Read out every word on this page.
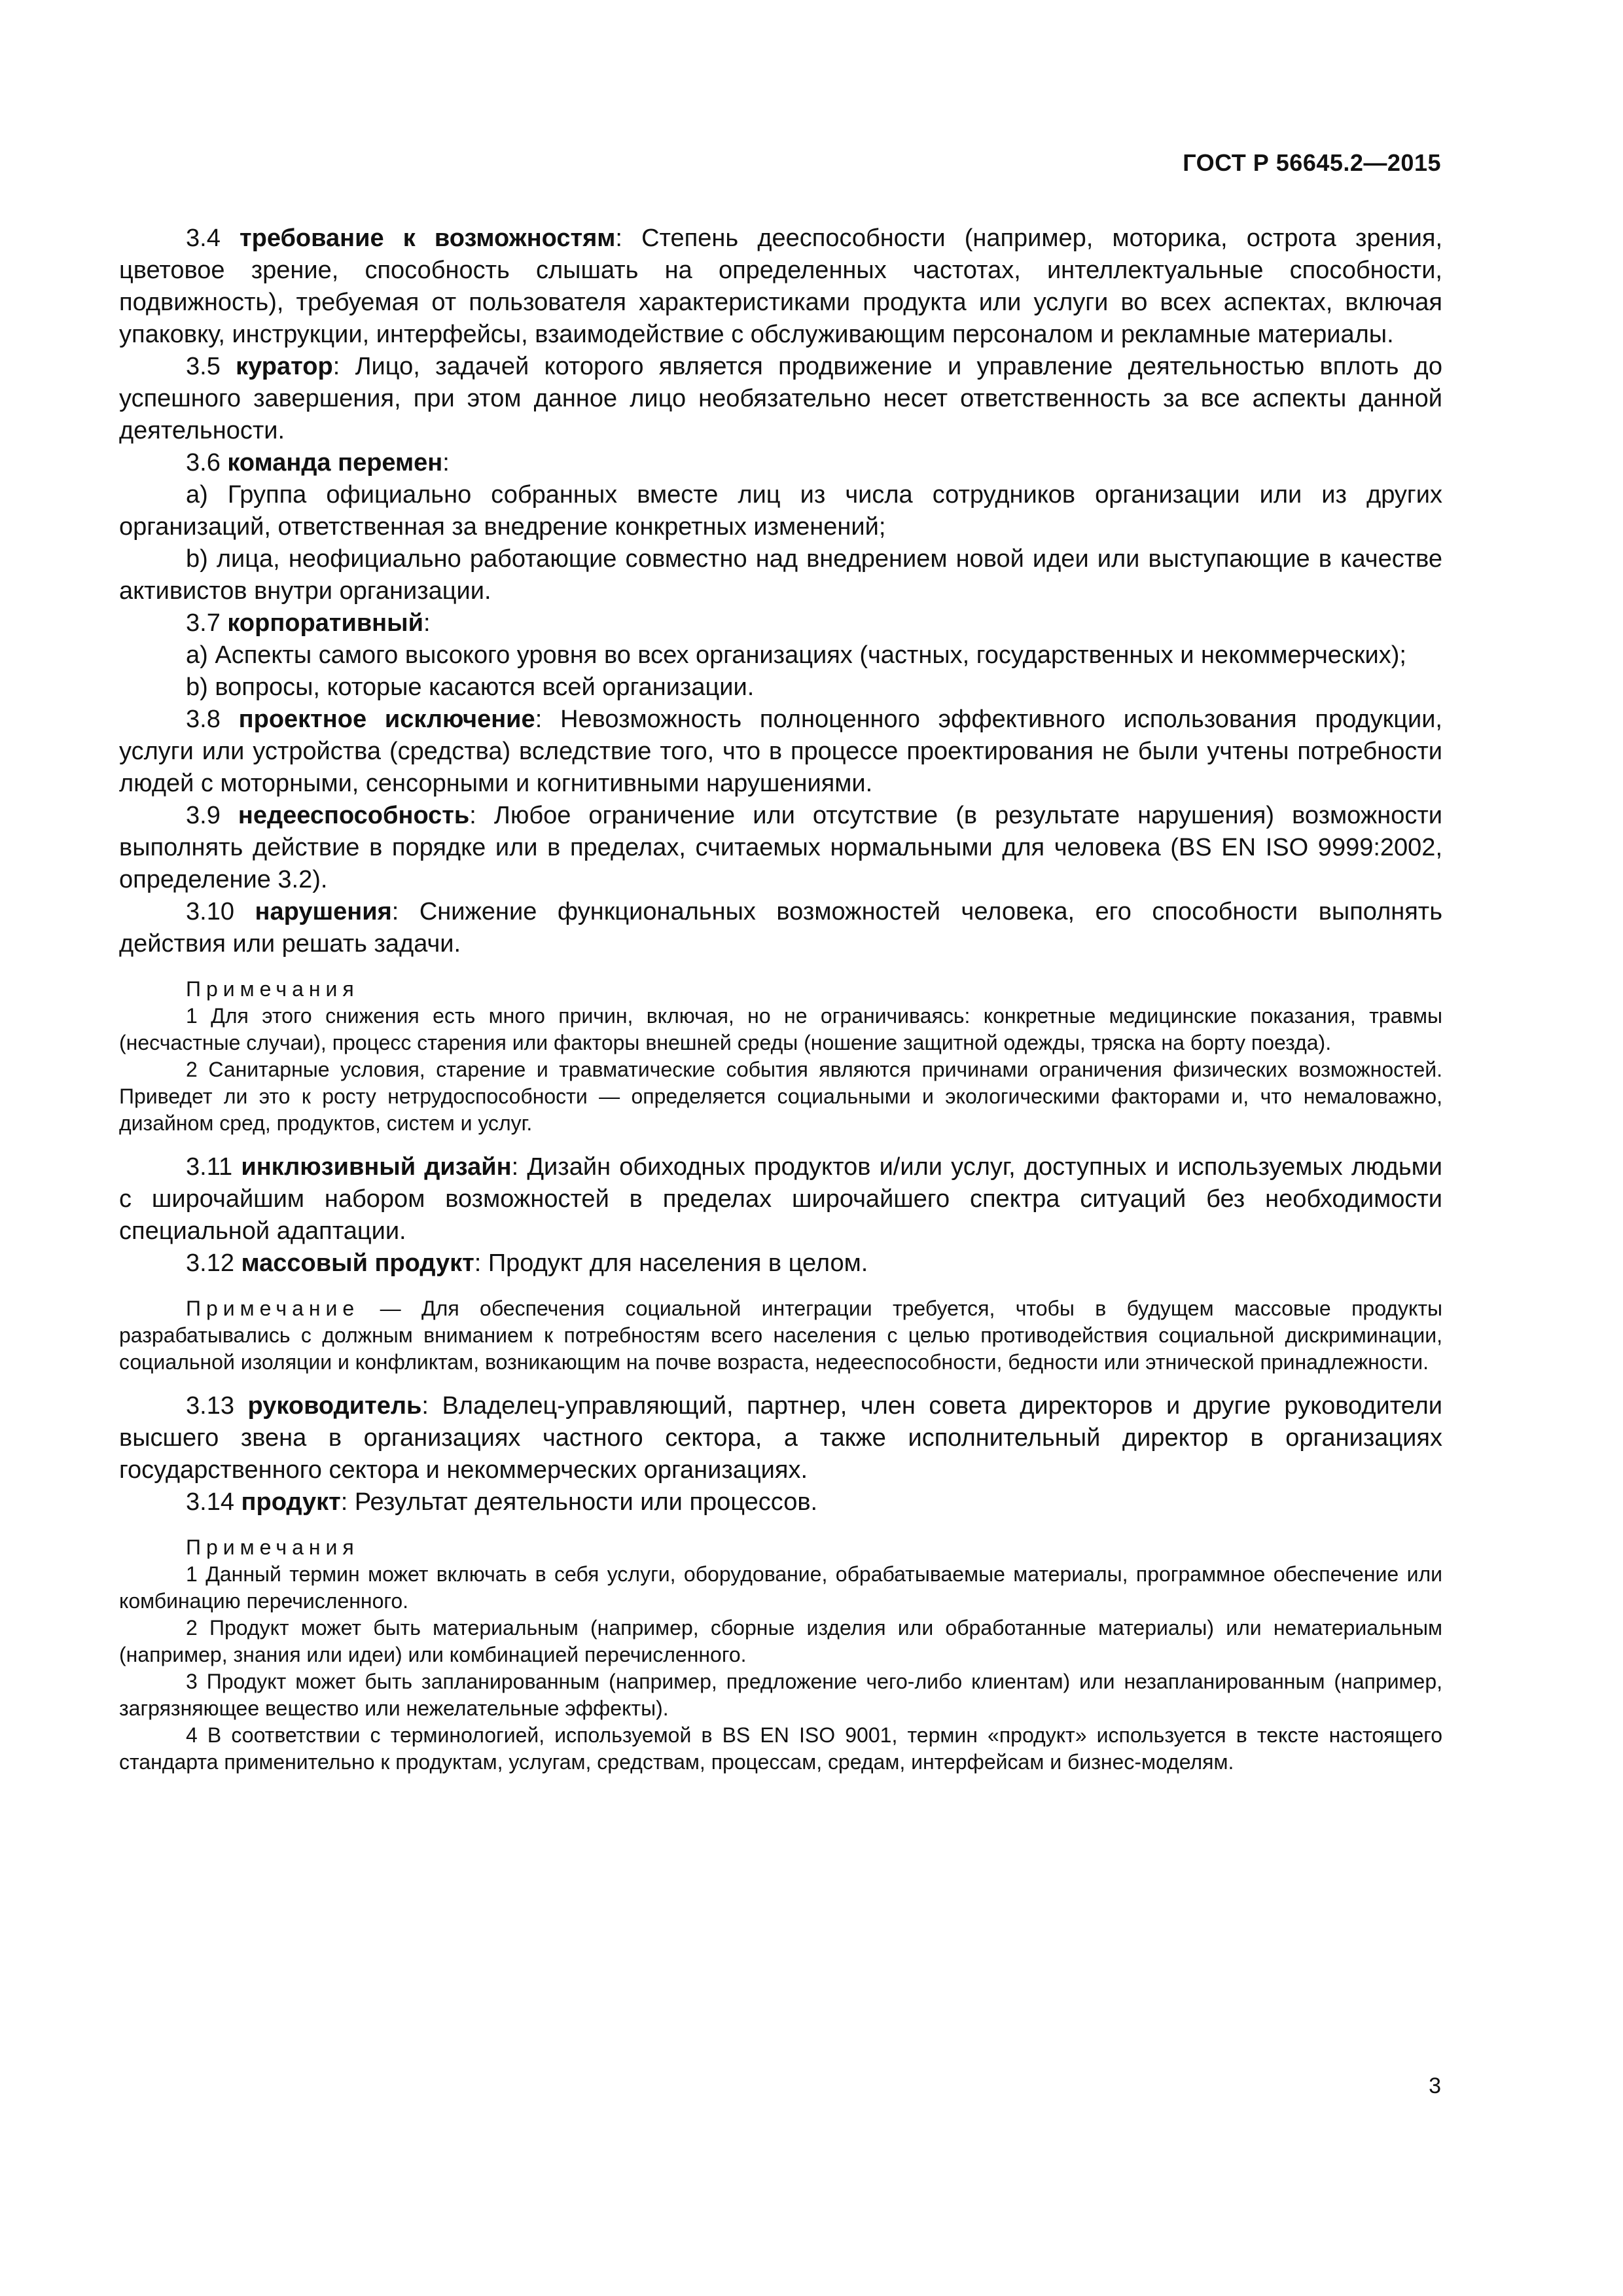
ГОСТ Р 56645.2—2015

3.4 требование к возможностям: Степень дееспособности (например, моторика, острота зрения, цветовое зрение, способность слышать на определенных частотах, интеллектуальные способности, подвижность), требуемая от пользователя характеристиками продукта или услуги во всех аспектах, включая упаковку, инструкции, интерфейсы, взаимодействие с обслуживающим персоналом и рекламные материалы.

3.5 куратор: Лицо, задачей которого является продвижение и управление деятельностью вплоть до успешного завершения, при этом данное лицо необязательно несет ответственность за все аспекты данной деятельности.

3.6 команда перемен:

а) Группа официально собранных вместе лиц из числа сотрудников организации или из других организаций, ответственная за внедрение конкретных изменений;

b) лица, неофициально работающие совместно над внедрением новой идеи или выступающие в качестве активистов внутри организации.

3.7 корпоративный:

а) Аспекты самого высокого уровня во всех организациях (частных, государственных и некоммерческих);

b) вопросы, которые касаются всей организации.

3.8 проектное исключение: Невозможность полноценного эффективного использования продукции, услуги или устройства (средства) вследствие того, что в процессе проектирования не были учтены потребности людей с моторными, сенсорными и когнитивными нарушениями.

3.9 недееспособность: Любое ограничение или отсутствие (в результате нарушения) возможности выполнять действие в порядке или в пределах, считаемых нормальными для человека (BS EN ISO 9999:2002, определение 3.2).

3.10 нарушения: Снижение функциональных возможностей человека, его способности выполнять действия или решать задачи.

Примечания

1 Для этого снижения есть много причин, включая, но не ограничиваясь: конкретные медицинские показания, травмы (несчастные случаи), процесс старения или факторы внешней среды (ношение защитной одежды, тряска на борту поезда).

2 Санитарные условия, старение и травматические события являются причинами ограничения физических возможностей. Приведет ли это к росту нетрудоспособности — определяется социальными и экологическими факторами и, что немаловажно, дизайном сред, продуктов, систем и услуг.

3.11 инклюзивный дизайн: Дизайн обиходных продуктов и/или услуг, доступных и используемых людьми с широчайшим набором возможностей в пределах широчайшего спектра ситуаций без необходимости специальной адаптации.

3.12 массовый продукт: Продукт для населения в целом.

Примечание — Для обеспечения социальной интеграции требуется, чтобы в будущем массовые продукты разрабатывались с должным вниманием к потребностям всего населения с целью противодействия социальной дискриминации, социальной изоляции и конфликтам, возникающим на почве возраста, недееспособности, бедности или этнической принадлежности.

3.13 руководитель: Владелец-управляющий, партнер, член совета директоров и другие руководители высшего звена в организациях частного сектора, а также исполнительный директор в организациях государственного сектора и некоммерческих организациях.

3.14 продукт: Результат деятельности или процессов.

Примечания

1 Данный термин может включать в себя услуги, оборудование, обрабатываемые материалы, программное обеспечение или комбинацию перечисленного.

2 Продукт может быть материальным (например, сборные изделия или обработанные материалы) или нематериальным (например, знания или идеи) или комбинацией перечисленного.

3 Продукт может быть запланированным (например, предложение чего-либо клиентам) или незапланированным (например, загрязняющее вещество или нежелательные эффекты).

4 В соответствии с терминологией, используемой в BS EN ISO 9001, термин «продукт» используется в тексте настоящего стандарта применительно к продуктам, услугам, средствам, процессам, средам, интерфейсам и бизнес-моделям.

3
